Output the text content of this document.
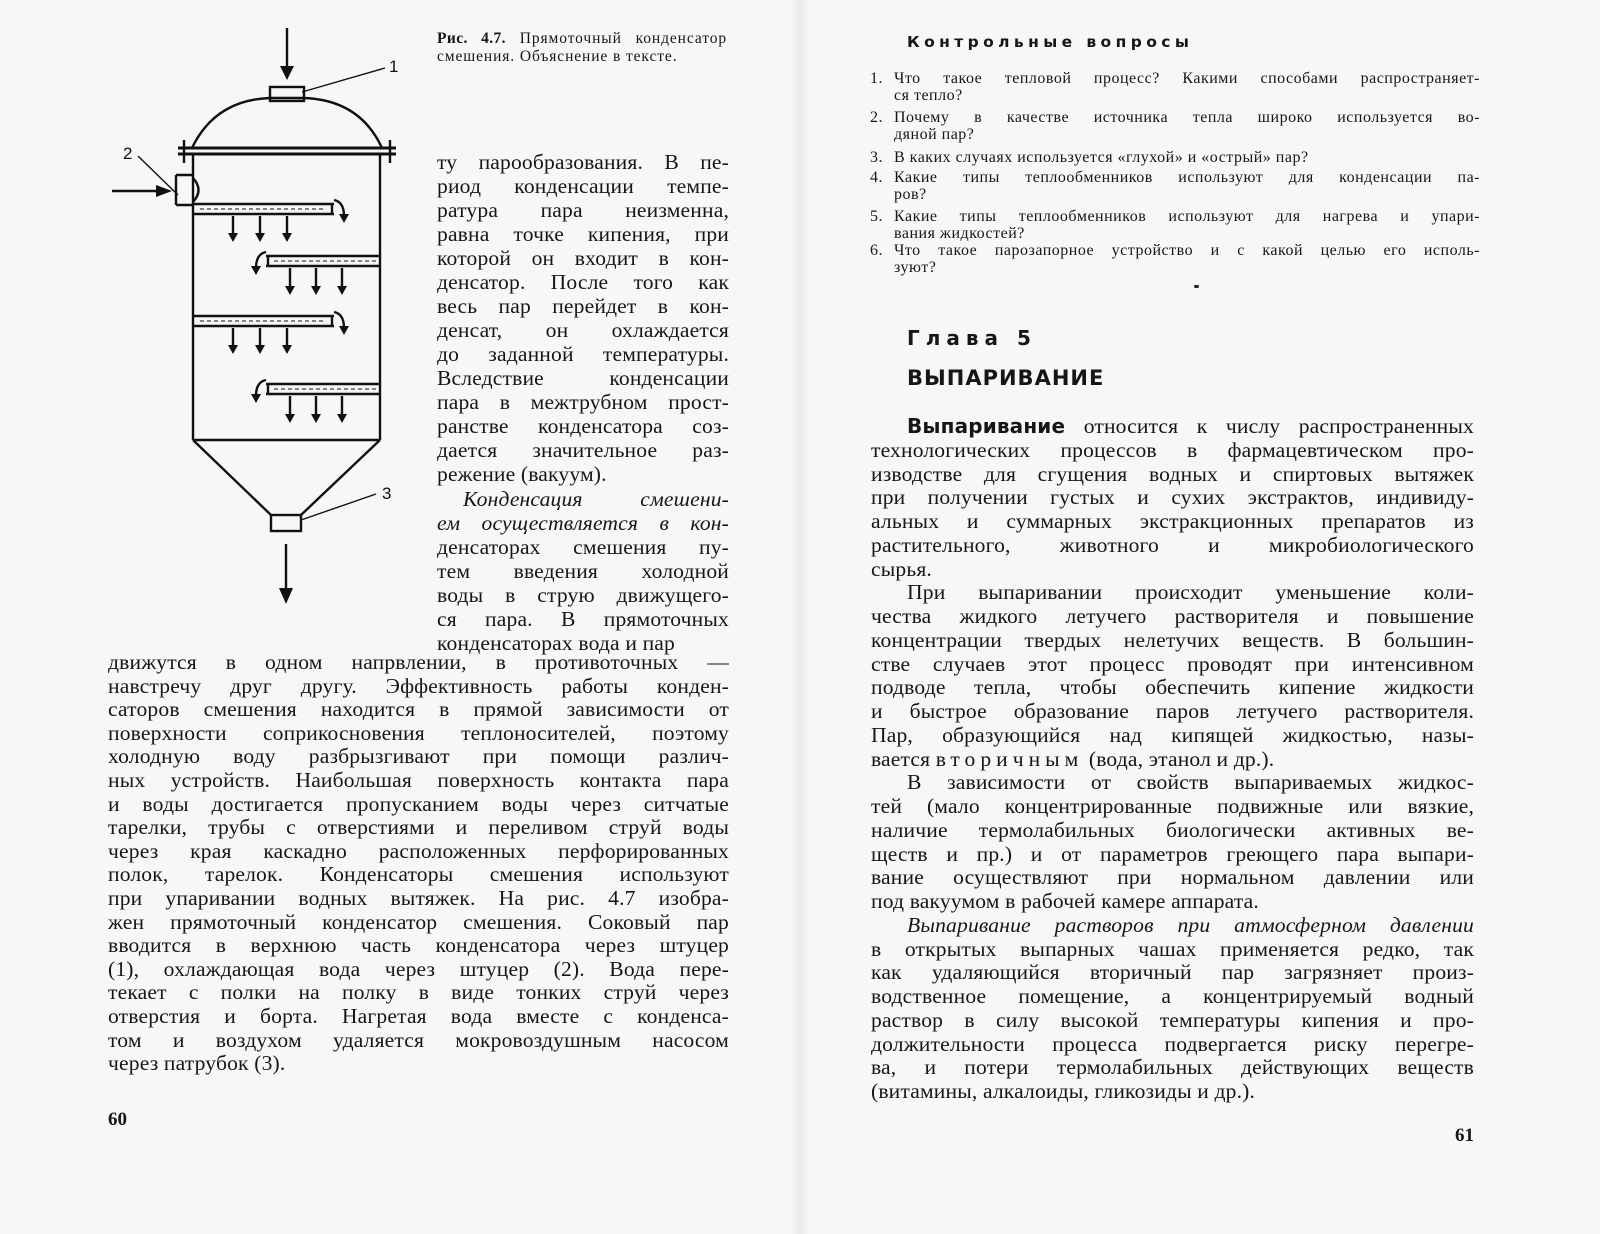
1
2
3
Рис. 4.7. Прямоточный конденсатор смешения. Объяснение в тексте.
ту парообразования. В пе-
риод конденсации темпе-
ратура пара неизменна,
равна точке кипения, при
которой он входит в кон-
денсатор. После того как
весь пар перейдет в кон-
денсат, он охлаждается
до заданной температуры.
Вследствие конденсации
пара в межтрубном прост-
ранстве конденсатора соз-
дается значительное раз-
режение (вакуум).
Конденсация смешени-
ем осуществляется в кон-
денсаторах смешения пу-
тем введения холодной
воды в струю движущего-
ся пара. В прямоточных
конденсаторах вода и пар
движутся в одном напрвлении, в противоточных —
навстречу друг другу. Эффективность работы конден-
саторов смешения находится в прямой зависимости от
поверхности соприкосновения теплоносителей, поэтому
холодную воду разбрызгивают при помощи различ-
ных устройств. Наибольшая поверхность контакта пара
и воды достигается пропусканием воды через ситчатые
тарелки, трубы с отверстиями и переливом струй воды
через края каскадно расположенных перфорированных
полок, тарелок. Конденсаторы смешения используют
при упаривании водных вытяжек. На рис. 4.7 изобра-
жен прямоточный конденсатор смешения. Соковый пар
вводится в верхнюю часть конденсатора через штуцер
(1), охлаждающая вода через штуцер (2). Вода пере-
текает с полки на полку в виде тонких струй через
отверстия и борта. Нагретая вода вместе с конденса-
том и воздухом удаляется мокровоздушным насосом
через патрубок (3).
60
Контрольные вопросы
1. Что такое тепловой процесс? Какими способами распространяет-
ся тепло?
2. Почему в качестве источника тепла широко используется во-
дяной пар?
3. В каких случаях используется «глухой» и «острый» пар?
4. Какие типы теплообменников используют для конденсации па-
ров?
5. Какие типы теплообменников используют для нагрева и упари-
вания жидкостей?
6. Что такое парозапорное устройство и с какой целью его исполь-
зуют?
Глава 5
ВЫПАРИВАНИЕ
Выпаривание относится к числу распространенных
технологических процессов в фармацевтическом про-
изводстве для сгущения водных и спиртовых вытяжек
при получении густых и сухих экстрактов, индивиду-
альных и суммарных экстракционных препаратов из
растительного, животного и микробиологического
сырья.
При выпаривании происходит уменьшение коли-
чества жидкого летучего растворителя и повышение
концентрации твердых нелетучих веществ. В большин-
стве случаев этот процесс проводят при интенсивном
подводе тепла, чтобы обеспечить кипение жидкости
и быстрое образование паров летучего растворителя.
Пар, образующийся над кипящей жидкостью, назы-
вается вторичным (вода, этанол и др.).
В зависимости от свойств выпариваемых жидкос-
тей (мало концентрированные подвижные или вязкие,
наличие термолабильных биологически активных ве-
ществ и пр.) и от параметров греющего пара выпари-
вание осуществляют при нормальном давлении или
под вакуумом в рабочей камере аппарата.
Выпаривание растворов при атмосферном давлении
в открытых выпарных чашах применяется редко, так
как удаляющийся вторичный пар загрязняет произ-
водственное помещение, а концентрируемый водный
раствор в силу высокой температуры кипения и про-
должительности процесса подвергается риску перегре-
ва, и потери термолабильных действующих веществ
(витамины, алкалоиды, гликозиды и др.).
61
